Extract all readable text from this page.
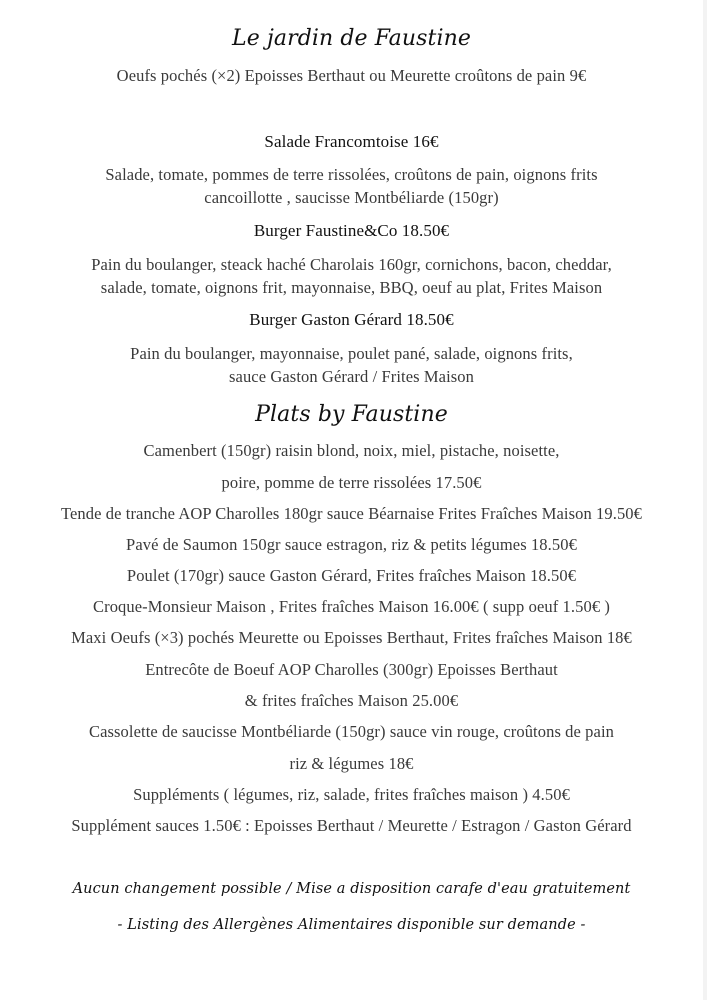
Le jardin de Faustine
Oeufs pochés (×2) Epoisses Berthaut ou Meurette croûtons de pain 9€
Salade Francomtoise 16€
Salade, tomate, pommes de terre rissolées, croûtons de pain, oignons frits
cancoillotte , saucisse Montbéliarde (150gr)
Burger Faustine&Co 18.50€
Pain du boulanger, steack haché Charolais 160gr, cornichons, bacon, cheddar,
salade, tomate, oignons frit, mayonnaise, BBQ, oeuf au plat, Frites Maison
Burger Gaston Gérard 18.50€
Pain du boulanger, mayonnaise, poulet pané, salade, oignons frits,
sauce Gaston Gérard / Frites Maison
Plats by Faustine
Camenbert (150gr) raisin blond, noix, miel, pistache, noisette,
poire, pomme de terre rissolées 17.50€
Tende de tranche AOP Charolles 180gr sauce Béarnaise Frites Fraîches Maison 19.50€
Pavé de Saumon 150gr sauce estragon, riz & petits légumes 18.50€
Poulet (170gr) sauce Gaston Gérard, Frites fraîches Maison 18.50€
Croque-Monsieur Maison , Frites fraîches Maison 16.00€ ( supp oeuf 1.50€ )
Maxi Oeufs (×3) pochés Meurette ou Epoisses Berthaut, Frites fraîches Maison 18€
Entrecôte de Boeuf AOP Charolles (300gr) Epoisses Berthaut
& frites fraîches Maison 25.00€
Cassolette de saucisse Montbéliarde (150gr) sauce vin rouge, croûtons de pain
riz & légumes 18€
Suppléments ( légumes, riz, salade, frites fraîches maison ) 4.50€
Supplément sauces 1.50€ : Epoisses Berthaut / Meurette / Estragon / Gaston Gérard
Aucun changement possible / Mise a disposition carafe d'eau gratuitement
- Listing des Allergènes Alimentaires disponible sur demande -
